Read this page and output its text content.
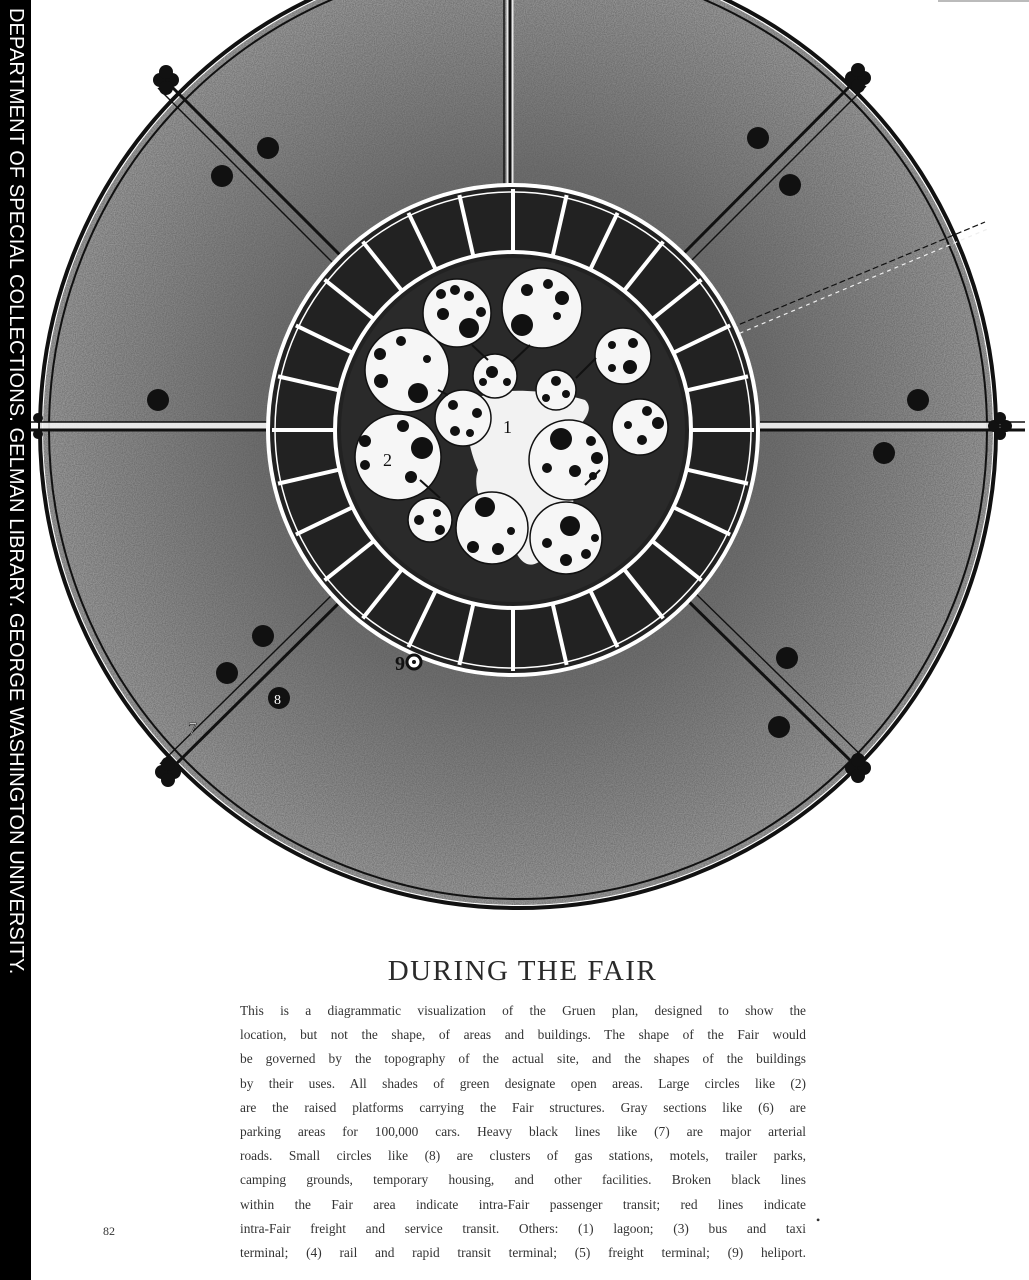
DEPARTMENT OF SPECIAL COLLECTIONS. GELMAN LIBRARY. GEORGE WASHINGTON UNIVERSITY.	1
2
7
8
9
DURING THE FAIR
This is a diagrammatic visualization of the Gruen plan, designed to show the
location, but not the shape, of areas and buildings. The shape of the Fair would
be governed by the topography of the actual site, and the shapes of the buildings
by their uses. All shades of green designate open areas. Large circles like (2)
are the raised platforms carrying the Fair structures. Gray sections like (6) are
parking areas for 100,000 cars. Heavy black lines like (7) are major arterial
roads. Small circles like (8) are clusters of gas stations, motels, trailer parks,
camping grounds, temporary housing, and other facilities. Broken black lines
within the Fair area indicate intra-Fair passenger transit; red lines indicate
intra-Fair freight and service transit. Others: (1) lagoon; (3) bus and taxi
terminal; (4) rail and rapid transit terminal; (5) freight terminal; (9) heliport.
82
•
